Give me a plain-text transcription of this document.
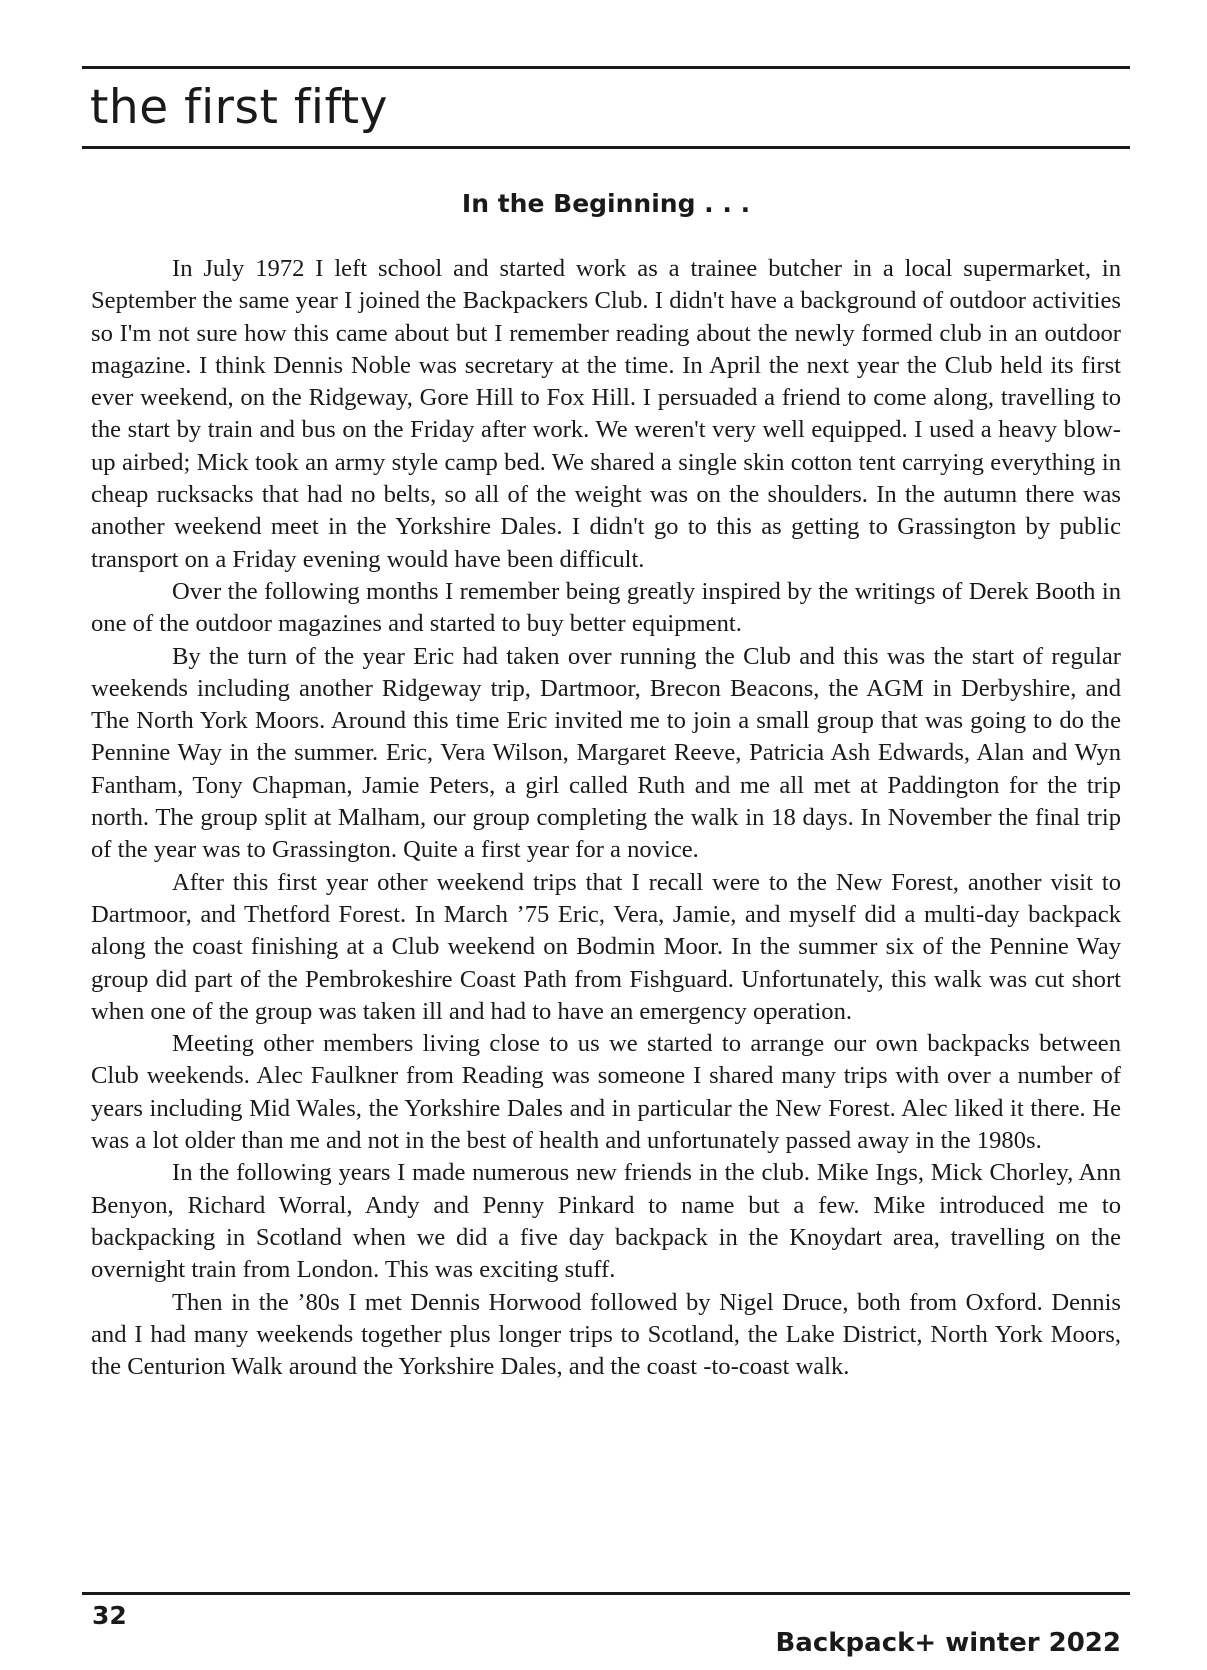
the first fifty
In the Beginning . . .

In July 1972 I left school and started work as a trainee butcher in a local supermarket, in September the same year I joined the Backpackers Club. I didn't have a background of outdoor activities so I'm not sure how this came about but I remember reading about the newly formed club in an outdoor magazine. I think Dennis Noble was secretary at the time. In April the next year the Club held its first ever weekend, on the Ridgeway, Gore Hill to Fox Hill. I persuaded a friend to come along, travelling to the start by train and bus on the Friday after work. We weren't very well equipped. I used a heavy blow-up airbed; Mick took an army style camp bed. We shared a single skin cotton tent carrying everything in cheap rucksacks that had no belts, so all of the weight was on the shoulders. In the autumn there was another weekend meet in the Yorkshire Dales. I didn't go to this as getting to Grassington by public transport on a Friday evening would have been difficult.

Over the following months I remember being greatly inspired by the writings of Derek Booth in one of the outdoor magazines and started to buy better equipment.

By the turn of the year Eric had taken over running the Club and this was the start of regular weekends including another Ridgeway trip, Dartmoor, Brecon Beacons, the AGM in Derbyshire, and The North York Moors. Around this time Eric invited me to join a small group that was going to do the Pennine Way in the summer. Eric, Vera Wilson, Margaret Reeve, Patricia Ash Edwards, Alan and Wyn Fantham, Tony Chapman, Jamie Peters, a girl called Ruth and me all met at Paddington for the trip north. The group split at Malham, our group completing the walk in 18 days. In November the final trip of the year was to Grassington. Quite a first year for a novice.

After this first year other weekend trips that I recall were to the New Forest, another visit to Dartmoor, and Thetford Forest. In March ’75 Eric, Vera, Jamie, and myself did a multi-day backpack along the coast finishing at a Club weekend on Bodmin Moor. In the summer six of the Pennine Way group did part of the Pembrokeshire Coast Path from Fishguard. Unfortunately, this walk was cut short when one of the group was taken ill and had to have an emergency operation.

Meeting other members living close to us we started to arrange our own backpacks between Club weekends. Alec Faulkner from Reading was someone I shared many trips with over a number of years including Mid Wales, the Yorkshire Dales and in particular the New Forest. Alec liked it there. He was a lot older than me and not in the best of health and unfortunately passed away in the 1980s.

In the following years I made numerous new friends in the club. Mike Ings, Mick Chorley, Ann Benyon, Richard Worral, Andy and Penny Pinkard to name but a few. Mike introduced me to backpacking in Scotland when we did a five day backpack in the Knoydart area, travelling on the overnight train from London. This was exciting stuff.

Then in the ’80s I met Dennis Horwood followed by Nigel Druce, both from Oxford. Dennis and I had many weekends together plus longer trips to Scotland, the Lake District, North York Moors, the Centurion Walk around the Yorkshire Dales, and the coast -to-coast walk.

32
Backpack+ winter 2022
